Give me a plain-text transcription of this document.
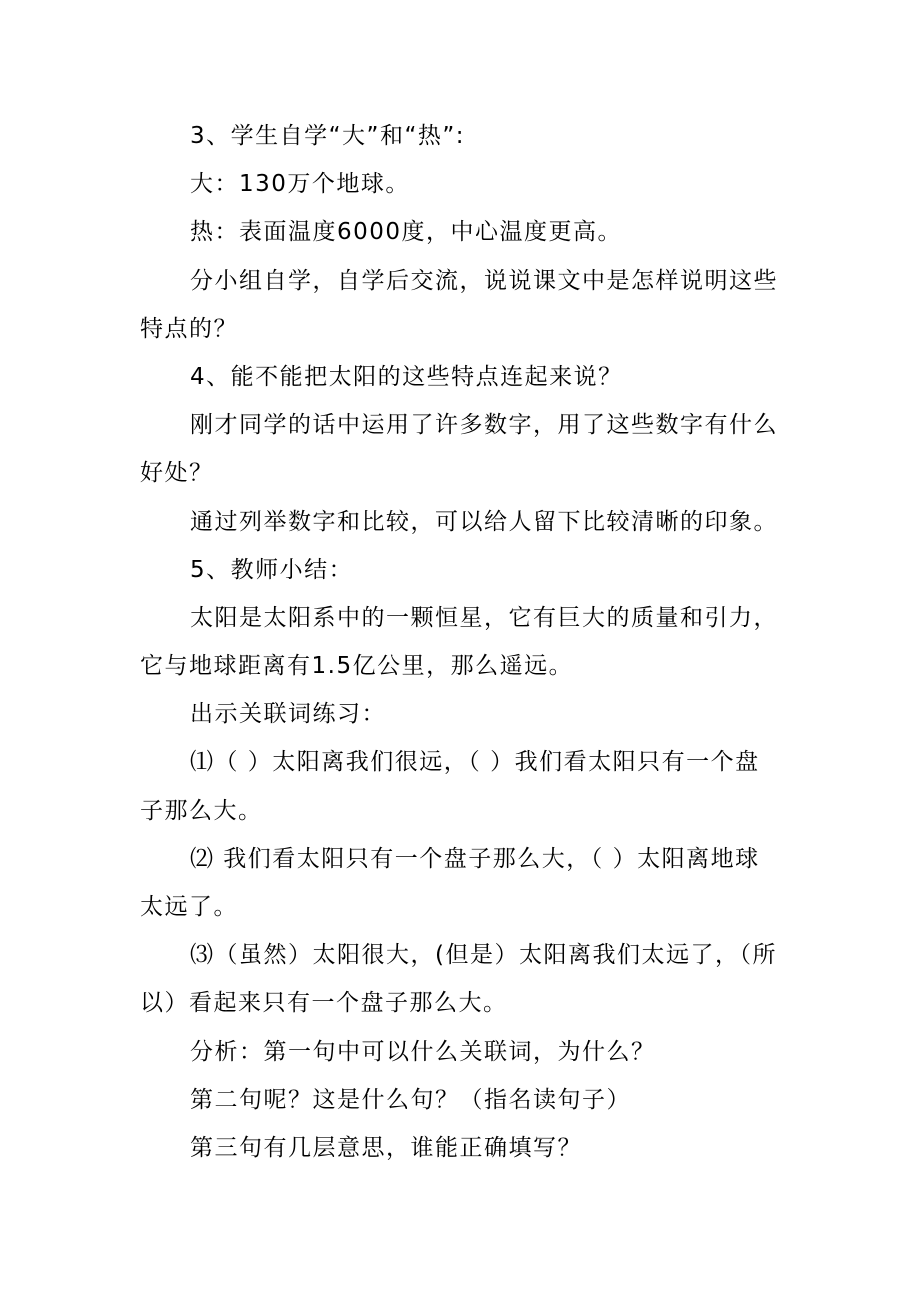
3、学生自学“大”和“热”:
大：130万个地球。
热：表面温度6000度，中心温度更高。
分小组自学，自学后交流，说说课文中是怎样说明这些
特点的？
4、能不能把太阳的这些特点连起来说？
刚才同学的话中运用了许多数字，用了这些数字有什么
好处？
通过列举数字和比较，可以给人留下比较清晰的印象。
5、教师小结：
太阳是太阳系中的一颗恒星，它有巨大的质量和引力，
它与地球距离有1.5亿公里，那么遥远。
出示关联词练习：
⑴（ ）太阳离我们很远，（ ）我们看太阳只有一个盘
子那么大。
⑵ 我们看太阳只有一个盘子那么大，（ ）太阳离地球
太远了。
⑶（虽然）太阳很大，(但是）太阳离我们太远了，（所
以）看起来只有一个盘子那么大。
分析：第一句中可以什么关联词，为什么？
第二句呢？这是什么句？（指名读句子）
第三句有几层意思，谁能正确填写？
